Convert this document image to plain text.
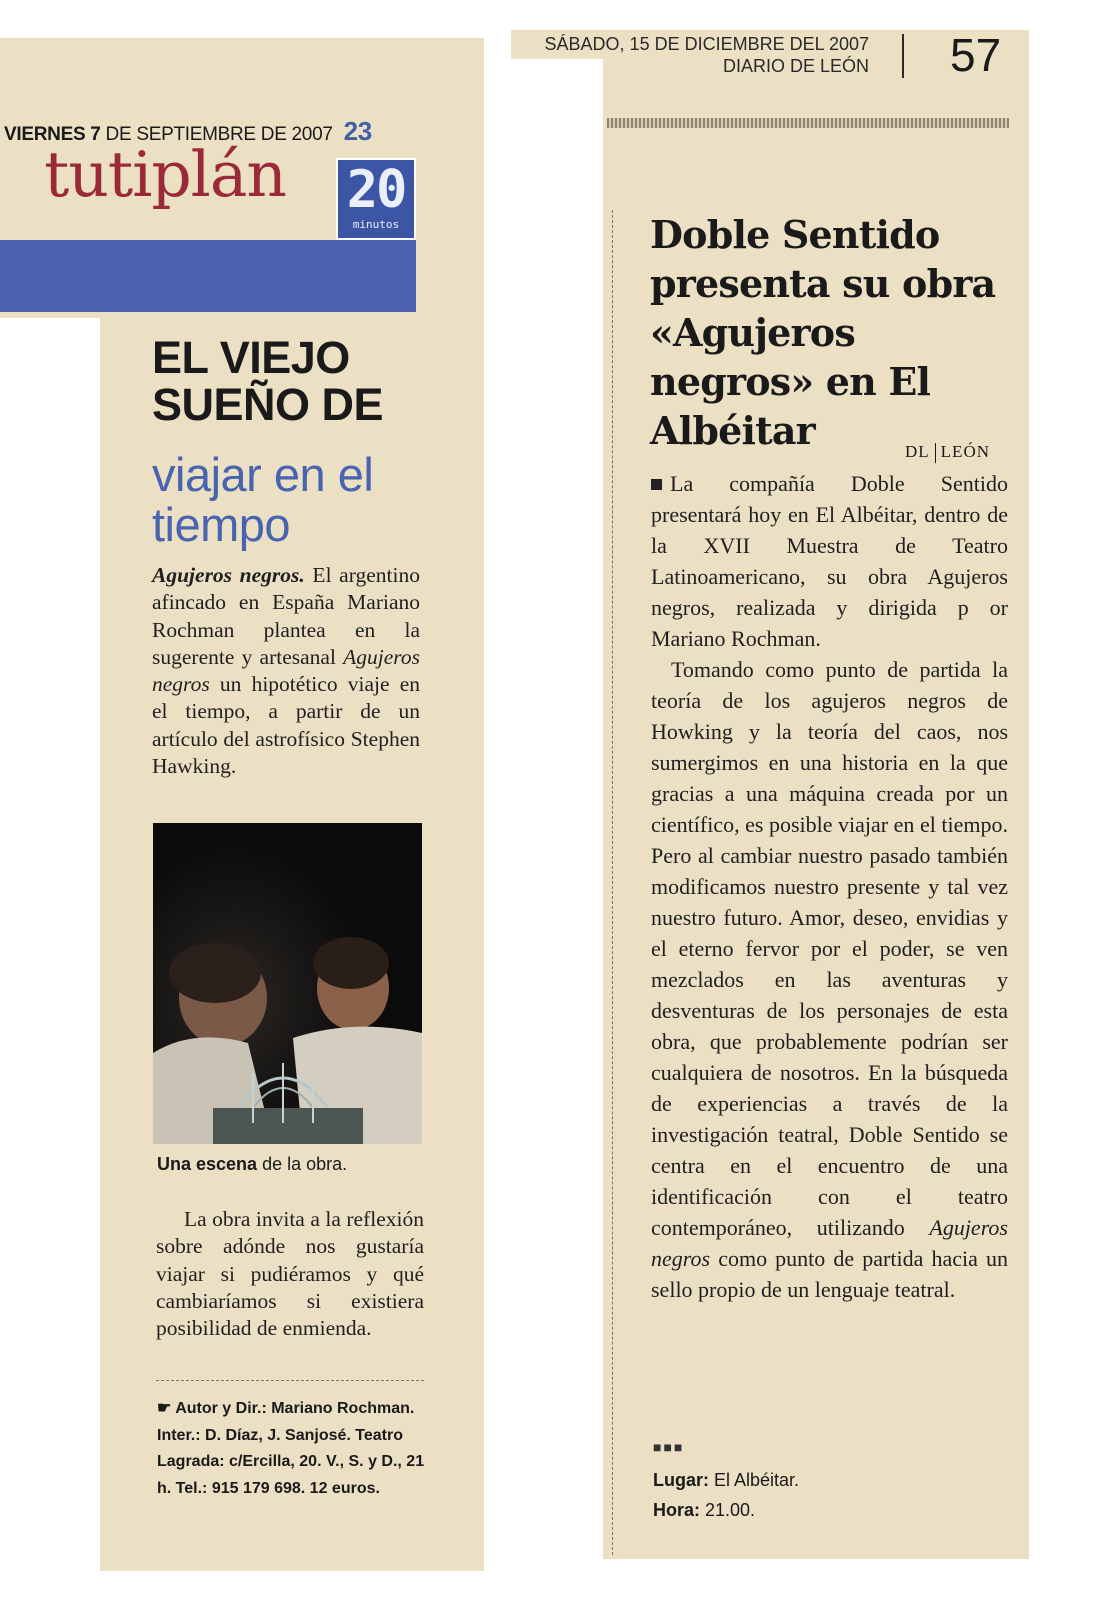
VIERNES 7 DE SEPTIEMBRE DE 2007 23
tutiplán 20
minutos
EL VIEJO SUEÑO DE
viajar en el tiempo
Agujeros negros. El argentino afincado en España Mariano Rochman plantea en la sugerente y artesanal Agujeros negros un hipotético viaje en el tiempo, a partir de un artículo del astrofísico Stephen Hawking.
Una escena de la obra.
La obra invita a la reflexión sobre adónde nos gustaría viajar si pudiéramos y qué cambiaríamos si existiera posibilidad de enmienda.
☛ Autor y Dir.: Mariano Rochman. Inter.: D. Díaz, J. Sanjosé. Teatro Lagrada: c/Ercilla, 20. V., S. y D., 21 h. Tel.: 915 179 698. 12 euros.
SÁBADO, 15 DE DICIEMBRE DEL 2007
DIARIO DE LEÓN 57
Doble Sentido presenta su obra «Agujeros negros» en El Albéitar	DL LEÓN
La compañía Doble Sentido presentará hoy en El Albéitar, dentro de la XVII Muestra de Teatro Latinoamericano, su obra Agujeros negros, realizada y dirigida p or Mariano Rochman.
Tomando como punto de partida la teoría de los agujeros negros de Howking y la teoría del caos, nos sumergimos en una historia en la que gracias a una máquina creada por un científico, es posible viajar en el tiempo. Pero al cambiar nuestro pasado también modificamos nuestro presente y tal vez nuestro futuro. Amor, deseo, envidias y el eterno fervor por el poder, se ven mezclados en las aventuras y desventuras de los personajes de esta obra, que probablemente podrían ser cualquiera de nosotros. En la búsqueda de experiencias a través de la investigación teatral, Doble Sentido se centra en el encuentro de una identificación con el teatro contemporáneo, utilizando Agujeros negros como punto de partida hacia un sello propio de un lenguaje teatral.
■■■
Lugar: El Albéitar.
Hora: 21.00.
